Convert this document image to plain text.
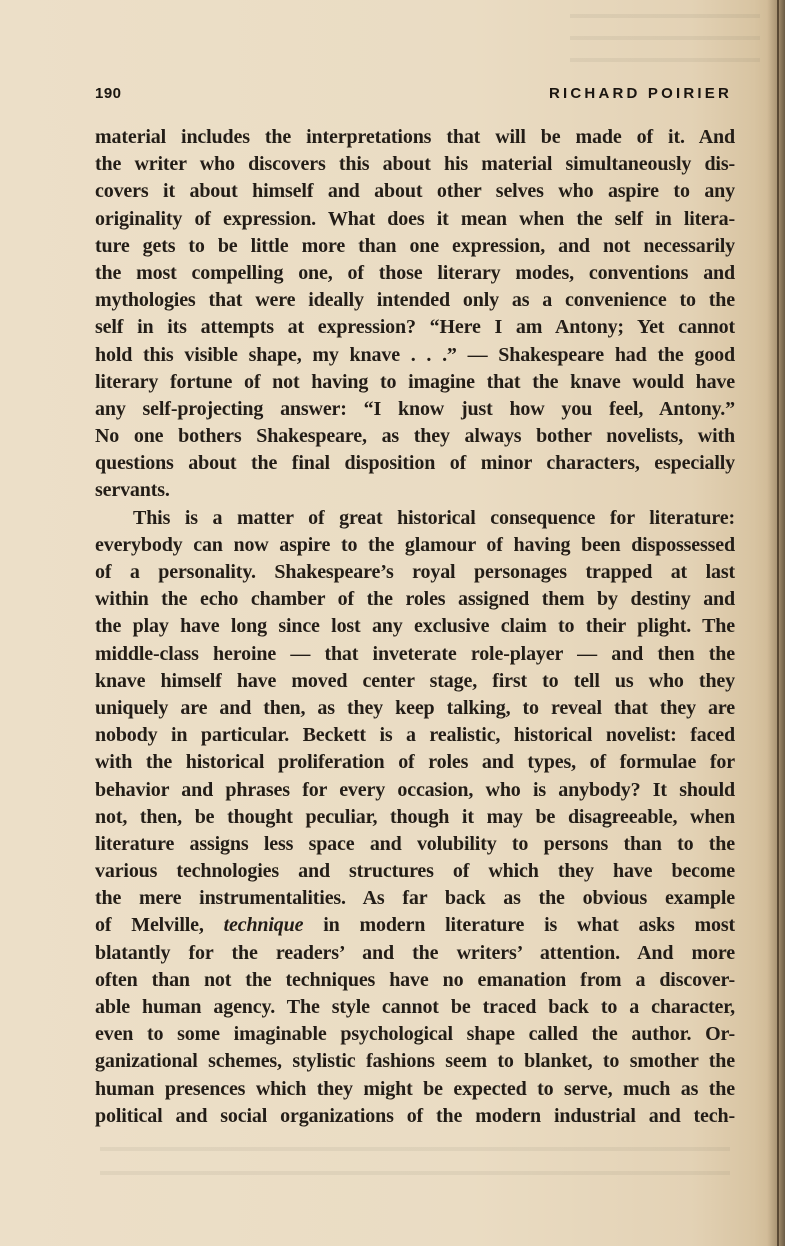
190	RICHARD POIRIER
material includes the interpretations that will be made of it. And
the writer who discovers this about his material simultaneously dis-
covers it about himself and about other selves who aspire to any
originality of expression. What does it mean when the self in litera-
ture gets to be little more than one expression, and not necessarily
the most compelling one, of those literary modes, conventions and
mythologies that were ideally intended only as a convenience to the
self in its attempts at expression? “Here I am Antony; Yet cannot
hold this visible shape, my knave . . .” — Shakespeare had the good
literary fortune of not having to imagine that the knave would have
any self-projecting answer: “I know just how you feel, Antony.”
No one bothers Shakespeare, as they always bother novelists, with
questions about the final disposition of minor characters, especially
servants.
This is a matter of great historical consequence for literature:
everybody can now aspire to the glamour of having been dispossessed
of a personality. Shakespeare’s royal personages trapped at last
within the echo chamber of the roles assigned them by destiny and
the play have long since lost any exclusive claim to their plight. The
middle-class heroine — that inveterate role-player — and then the
knave himself have moved center stage, first to tell us who they
uniquely are and then, as they keep talking, to reveal that they are
nobody in particular. Beckett is a realistic, historical novelist: faced
with the historical proliferation of roles and types, of formulae for
behavior and phrases for every occasion, who is anybody? It should
not, then, be thought peculiar, though it may be disagreeable, when
literature assigns less space and volubility to persons than to the
various technologies and structures of which they have become
the mere instrumentalities. As far back as the obvious example
of Melville, technique in modern literature is what asks most
blatantly for the readers’ and the writers’ attention. And more
often than not the techniques have no emanation from a discover-
able human agency. The style cannot be traced back to a character,
even to some imaginable psychological shape called the author. Or-
ganizational schemes, stylistic fashions seem to blanket, to smother the
human presences which they might be expected to serve, much as the
political and social organizations of the modern industrial and tech-
